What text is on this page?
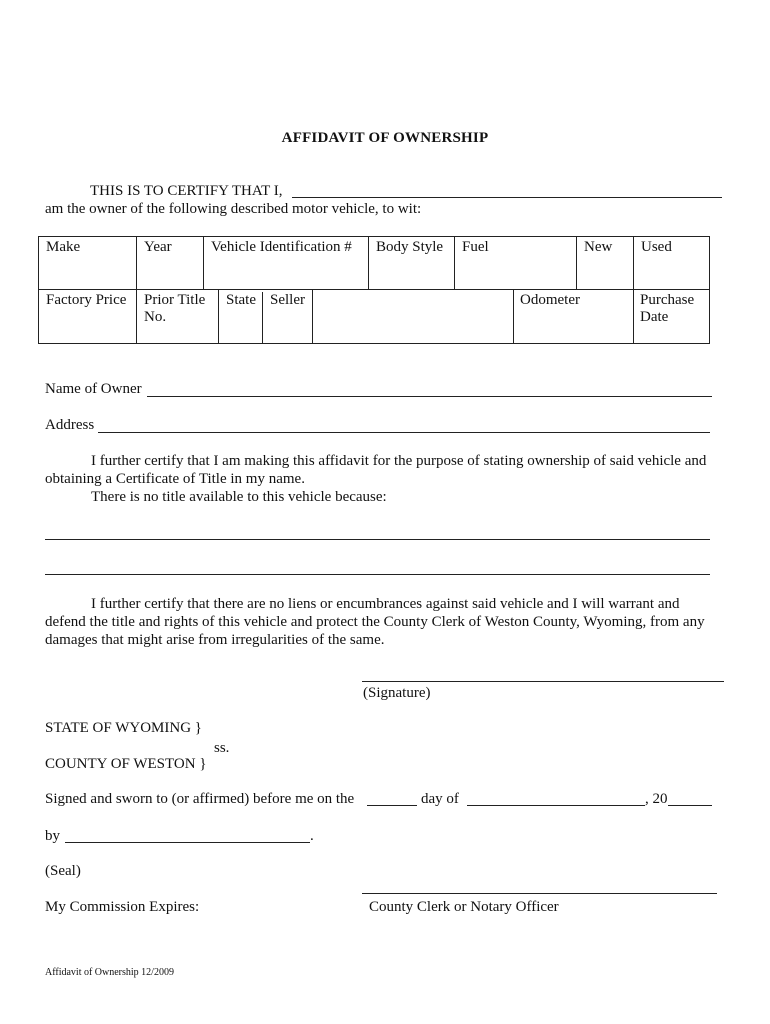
AFFIDAVIT OF OWNERSHIP
THIS IS TO CERTIFY THAT I,
am the owner of the following described motor vehicle, to wit:
Make	Year	Vehicle Identification #			Body Style	Fuel		New	Used
Factory Price	Prior Title No.		State Seller				Odometer		Purchase Date
Name of Owner
Address
I further certify that I am making this affidavit for the purpose of stating ownership of said vehicle and
obtaining a Certificate of Title in my name.
There is no title available to this vehicle because:
I further certify that there are no liens or encumbrances against said vehicle and I will warrant and
defend the title and rights of this vehicle and protect the County Clerk of Weston County, Wyoming, from any
damages that might arise from irregularities of the same.
(Signature)
STATE OF WYOMING }
ss.
COUNTY OF WESTON }
Signed and sworn to (or affirmed) before me on the	day of	, 20
by	.
(Seal)
My Commission Expires:	County Clerk or Notary Officer
Affidavit of Ownership 12/2009
